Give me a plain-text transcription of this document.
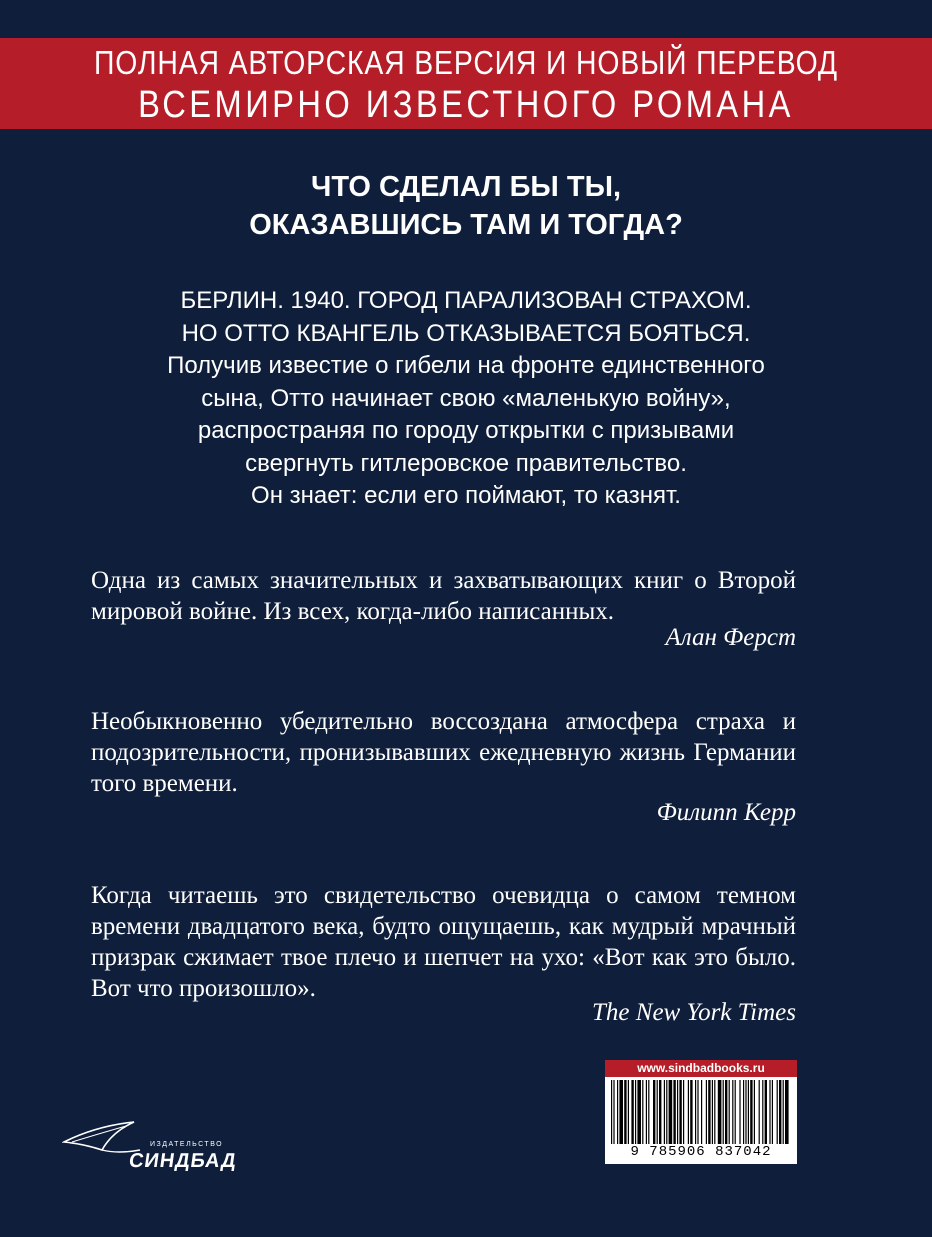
ПОЛНАЯ АВТОРСКАЯ ВЕРСИЯ И НОВЫЙ ПЕРЕВОД
ВСЕМИРНО ИЗВЕСТНОГО РОМАНА
ЧТО СДЕЛАЛ БЫ ТЫ,
ОКАЗАВШИСЬ ТАМ И ТОГДА?
БЕРЛИН. 1940. ГОРОД ПАРАЛИЗОВАН СТРАХОМ.
НО ОТТО КВАНГЕЛЬ ОТКАЗЫВАЕТСЯ БОЯТЬСЯ.
Получив известие о гибели на фронте единственного
сына, Отто начинает свою «маленькую войну»,
распространяя по городу открытки с призывами
свергнуть гитлеровское правительство.
Он знает: если его поймают, то казнят.
Одна из самых значительных и захватывающих книг о Второй мировой войне. Из всех, когда-либо написанных.
Алан Ферст
Необыкновенно убедительно воссоздана атмосфера страха и подозрительности, пронизывавших ежедневную жизнь Германии того времени.
Филипп Керр
Когда читаешь это свидетельство очевидца о самом темном времени двадцатого века, будто ощущаешь, как мудрый мрачный призрак сжимает твое плечо и шепчет на ухо: «Вот как это было. Вот что произошло».
The New York Times
www.sindbadbooks.ru
9 785906 837042
ИЗДАТЕЛЬСТВО
СИНДБАД
